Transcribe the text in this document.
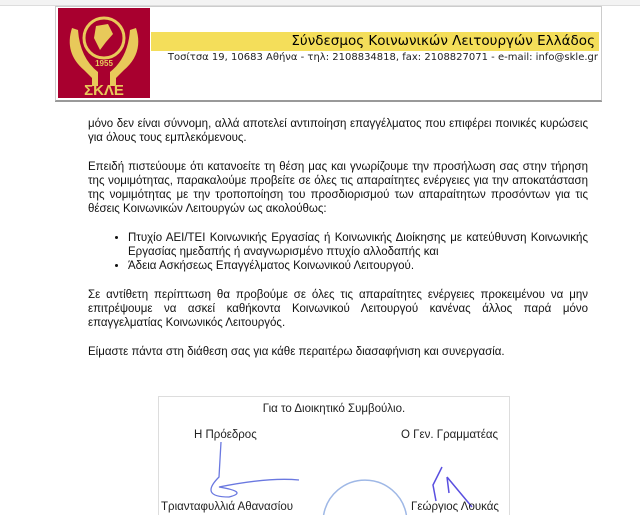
1955
ΣΚΛΕ
Σύνδεσμος Κοινωνικών Λειτουργών Ελλάδος
Τοσίτσα 19, 10683 Αθήνα - τηλ: 2108834818, fax: 2108827071 - e-mail: info@skle.gr

μόνο δεν είναι σύννομη, αλλά αποτελεί αντιποίηση επαγγέλματος που επιφέρει ποινικές κυρώσεις για όλους τους εμπλεκόμενους.

Επειδή πιστεύουμε ότι κατανοείτε τη θέση μας και γνωρίζουμε την προσήλωση σας στην τήρηση της νομιμότητας, παρακαλούμε προβείτε σε όλες τις απαραίτητες ενέργειες για την αποκατάσταση της νομιμότητας με την τροποποίηση του προσδιορισμού των απαραίτητων προσόντων για τις θέσεις Κοινωνικών Λειτουργών ως ακολούθως:

• Πτυχίο ΑΕΙ/ΤΕΙ Κοινωνικής Εργασίας ή Κοινωνικής Διοίκησης με κατεύθυνση Κοινωνικής Εργασίας ημεδαπής ή αναγνωρισμένο πτυχίο αλλοδαπής και
• Άδεια Ασκήσεως Επαγγέλματος Κοινωνικού Λειτουργού.

Σε αντίθετη περίπτωση θα προβούμε σε όλες τις απαραίτητες ενέργειες προκειμένου να μην επιτρέψουμε να ασκεί καθήκοντα Κοινωνικού Λειτουργού κανένας άλλος παρά μόνο επαγγελματίας Κοινωνικός Λειτουργός.

Είμαστε πάντα στη διάθεση σας για κάθε περαιτέρω διασαφήνιση και συνεργασία.

Για το Διοικητικό Συμβούλιο.
Η Πρόεδρος	Ο Γεν. Γραμματέας
Τριανταφυλλιά Αθανασίου	Γεώργιος Λουκάς
